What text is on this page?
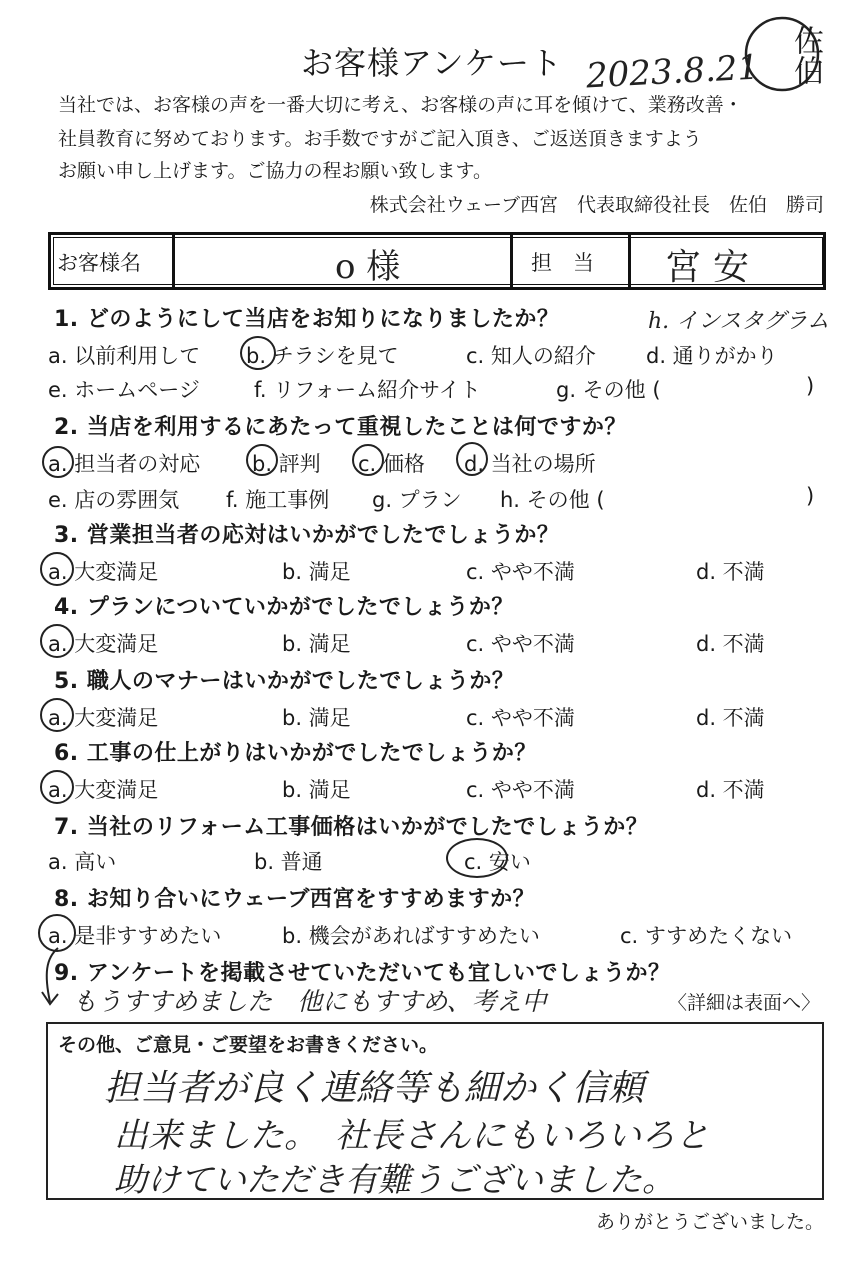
お客様アンケート 2023.8.21 佐伯
当社では、お客様の声を一番大切に考え、お客様の声に耳を傾けて、業務改善・
社員教育に努めております。お手数ですがご記入頂き、ご返送頂きますよう
お願い申し上げます。ご協力の程お願い致します。
株式会社ウェーブ西宮　代表取締役社長　佐伯　勝司
お客様名	o 様	担　当 宮安
1. どのようにして当店をお知りになりましたか？	h. インスタグラム
a. 以前利用して b. チラシを見て	c. 知人の紹介 d. 通りがかり
e. ホームページ	f. リフォーム紹介サイト	g. その他 (	)
2. 当店を利用するにあたって重視したことは何ですか？
a. 担当者の対応 b. 評判 c. 価格 d. 当社の場所
e. 店の雰囲気 f. 施工事例 g. プラン h. その他 (	)
3. 営業担当者の応対はいかがでしたでしょうか？
a. 大変満足	b. 満足	c. やや不満	d. 不満
4. プランについていかがでしたでしょうか？
a. 大変満足	b. 満足	c. やや不満	d. 不満
5. 職人のマナーはいかがでしたでしょうか？
a. 大変満足	b. 満足	c. やや不満	d. 不満
6. 工事の仕上がりはいかがでしたでしょうか？
a. 大変満足	b. 満足	c. やや不満	d. 不満
7. 当社のリフォーム工事価格はいかがでしたでしょうか？
a. 高い	b. 普通	c. 安い
8. お知り合いにウェーブ西宮をすすめますか？
a. 是非すすめたい	b. 機会があればすすめたい	c. すすめたくない
9. アンケートを掲載させていただいても宜しいでしょうか？
もうすすめました　他にもすすめ、考え中	〈詳細は表面へ〉
その他、ご意見・ご要望をお書きください。
担当者が良く連絡等も細かく信頼
出来ました。　社長さんにもいろいろと
助けていただき有難うございました。
ありがとうございました。
